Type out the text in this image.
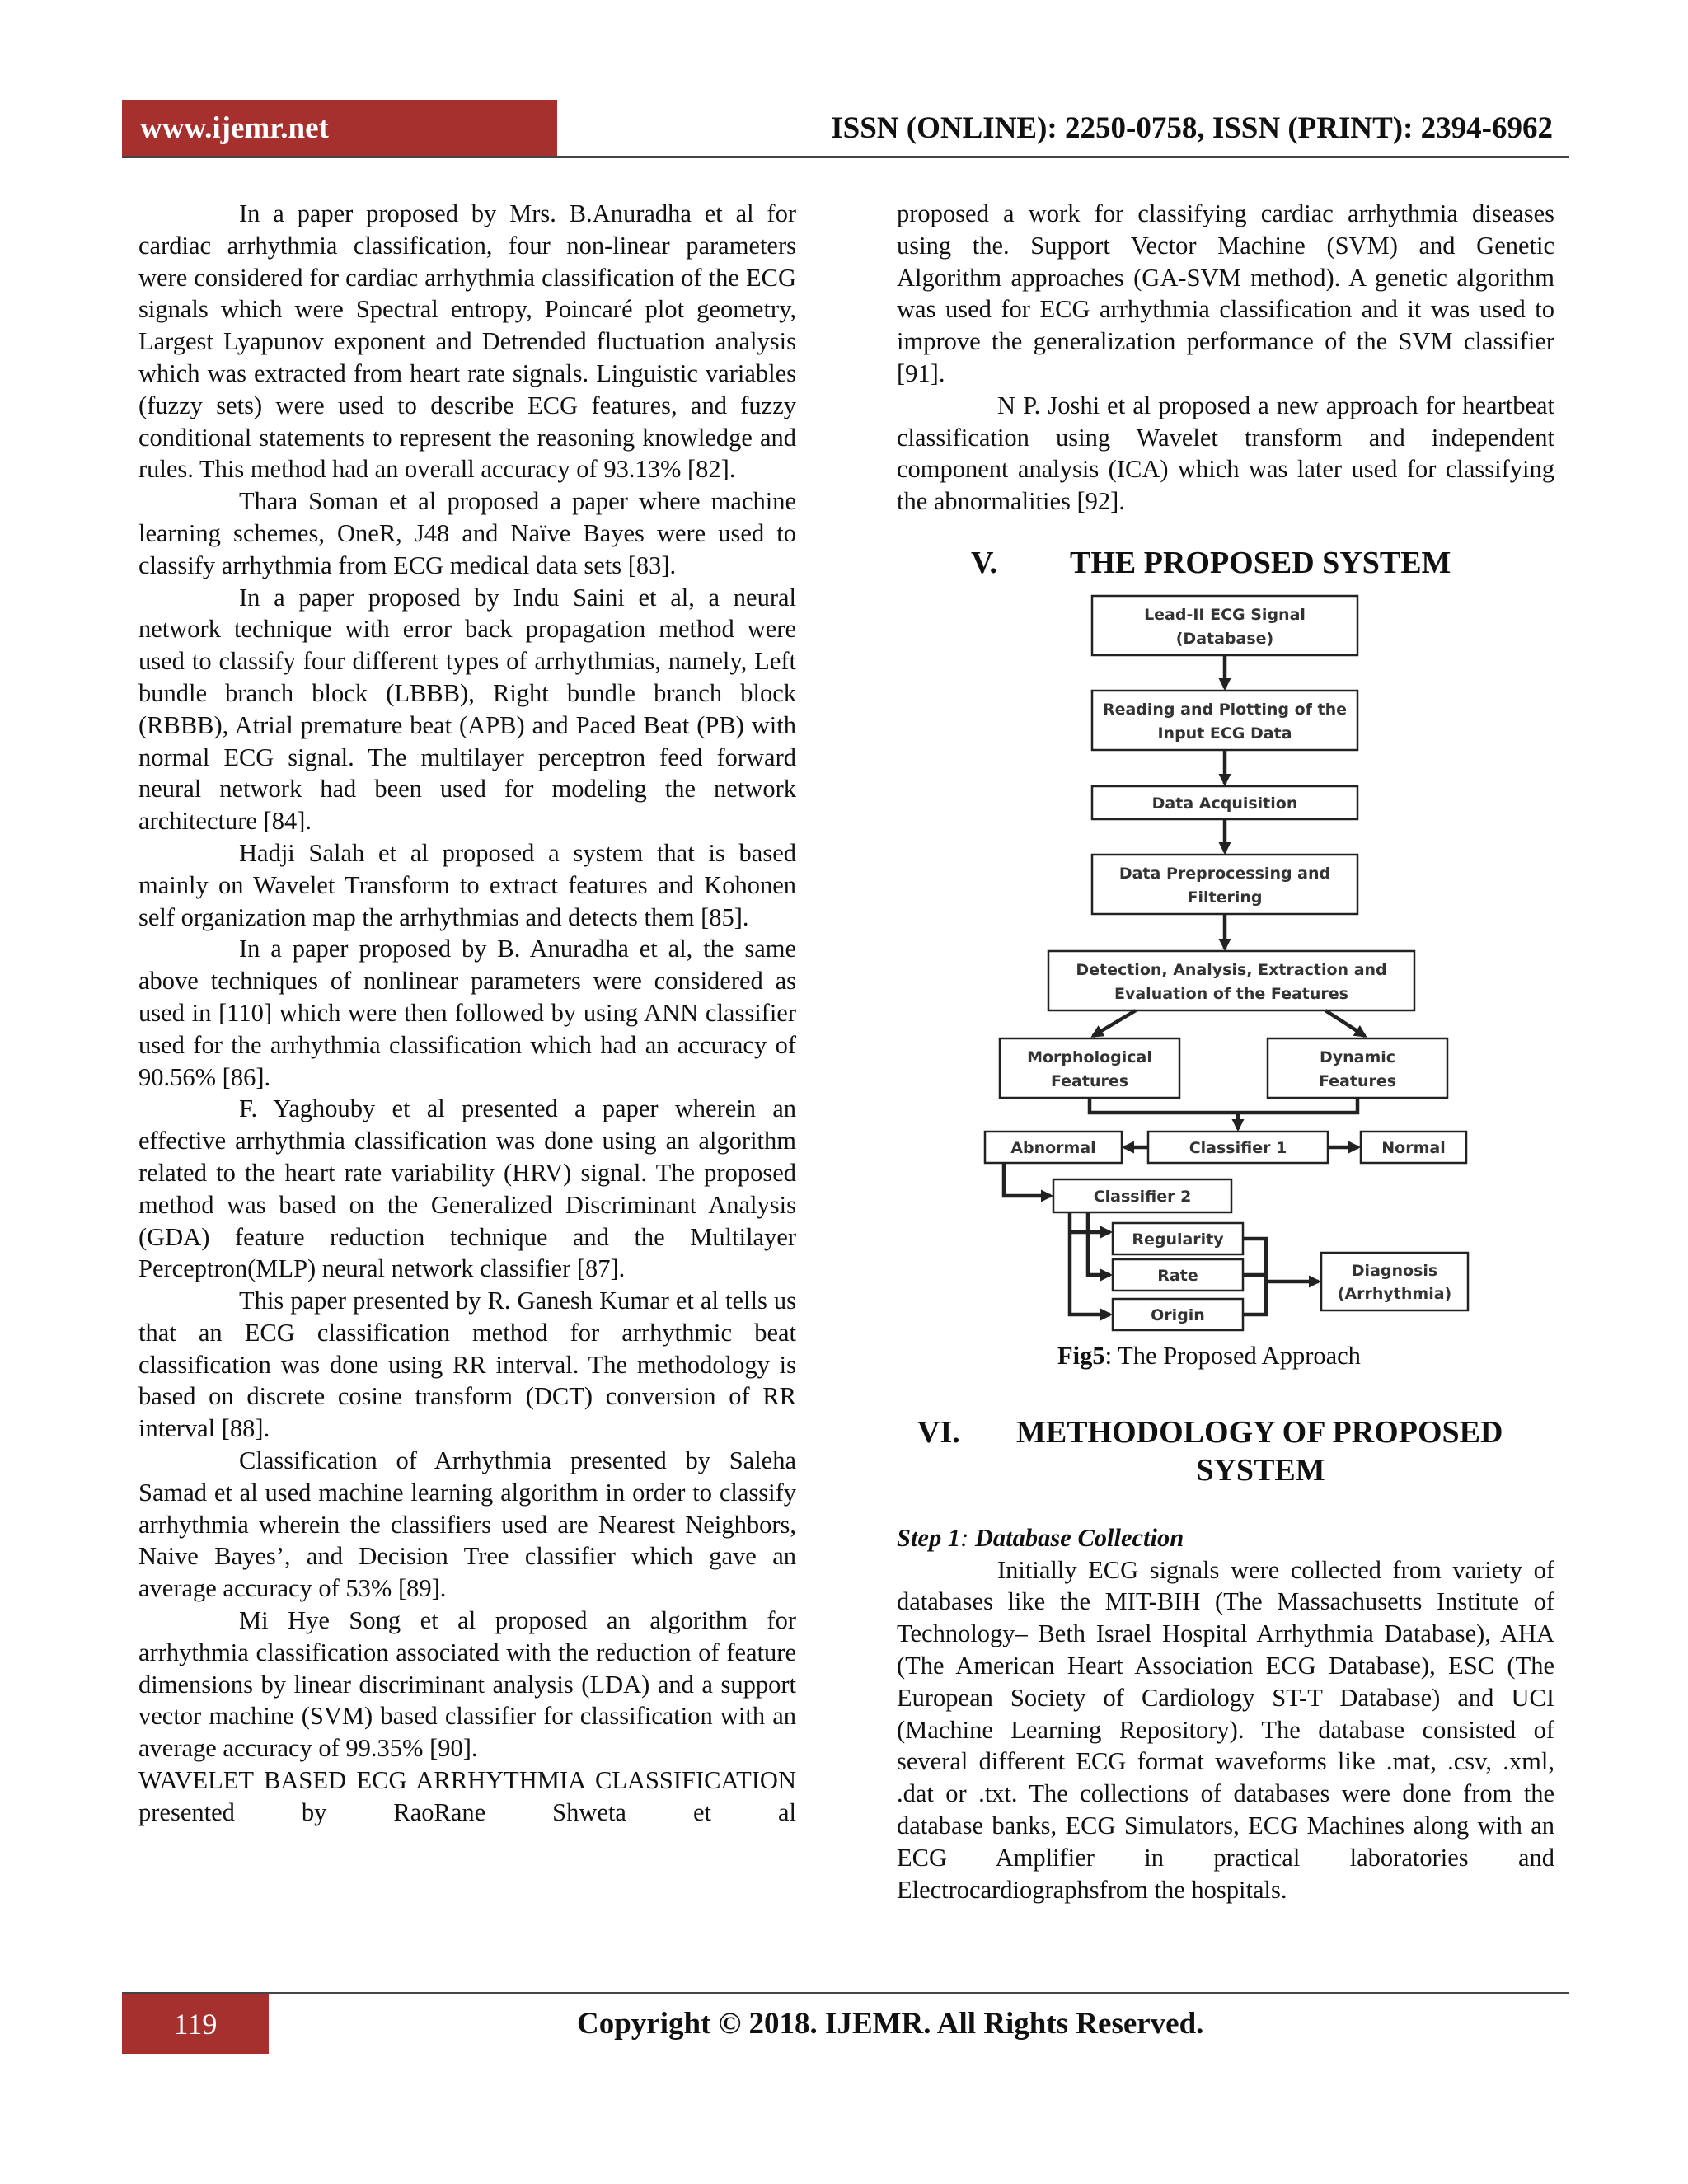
www.ijemr.net	ISSN (ONLINE): 2250-0758, ISSN (PRINT): 2394-6962

In a paper proposed by Mrs. B.Anuradha et al for cardiac arrhythmia classification, four non-linear parameters were considered for cardiac arrhythmia classification of the ECG signals which were Spectral entropy, Poincaré plot geometry, Largest Lyapunov exponent and Detrended fluctuation analysis which was extracted from heart rate signals. Linguistic variables (fuzzy sets) were used to describe ECG features, and fuzzy conditional statements to represent the reasoning knowledge and rules. This method had an overall accuracy of 93.13% [82].

Thara Soman et al proposed a paper where machine learning schemes, OneR, J48 and Naïve Bayes were used to classify arrhythmia from ECG medical data sets [83].

In a paper proposed by Indu Saini et al, a neural network technique with error back propagation method were used to classify four different types of arrhythmias, namely, Left bundle branch block (LBBB), Right bundle branch block (RBBB), Atrial premature beat (APB) and Paced Beat (PB) with normal ECG signal. The multilayer perceptron feed forward neural network had been used for modeling the network architecture [84].

Hadji Salah et al proposed a system that is based mainly on Wavelet Transform to extract features and Kohonen self organization map the arrhythmias and detects them [85].

In a paper proposed by B. Anuradha et al, the same above techniques of nonlinear parameters were considered as used in [110] which were then followed by using ANN classifier used for the arrhythmia classification which had an accuracy of 90.56% [86].

F. Yaghouby et al presented a paper wherein an effective arrhythmia classification was done using an algorithm related to the heart rate variability (HRV) signal. The proposed method was based on the Generalized Discriminant Analysis (GDA) feature reduction technique and the Multilayer Perceptron(MLP) neural network classifier [87].

This paper presented by R. Ganesh Kumar et al tells us that an ECG classification method for arrhythmic beat classification was done using RR interval. The methodology is based on discrete cosine transform (DCT) conversion of RR interval [88].

Classification of Arrhythmia presented by Saleha Samad et al used machine learning algorithm in order to classify arrhythmia wherein the classifiers used are Nearest Neighbors, Naive Bayes’, and Decision Tree classifier which gave an average accuracy of 53% [89].

Mi Hye Song et al proposed an algorithm for arrhythmia classification associated with the reduction of feature dimensions by linear discriminant analysis (LDA) and a support vector machine (SVM) based classifier for classification with an average accuracy of 99.35% [90].

WAVELET BASED ECG ARRHYTHMIA CLASSIFICATION presented by RaoRane Shweta et al

proposed a work for classifying cardiac arrhythmia diseases using the. Support Vector Machine (SVM) and Genetic Algorithm approaches (GA-SVM method). A genetic algorithm was used for ECG arrhythmia classification and it was used to improve the generalization performance of the SVM classifier [91].

N P. Joshi et al proposed a new approach for heartbeat classification using Wavelet transform and independent component analysis (ICA) which was later used for classifying the abnormalities [92].

V. THE PROPOSED SYSTEM
Lead-II ECG Signal
(Database)
Reading and Plotting of the
Input ECG Data
Data Acquisition
Data Preprocessing and
Filtering
Detection, Analysis, Extraction and
Evaluation of the Features
Morphological
Features
Dynamic
Features
Abnormal	Classifier 1	Normal
Classifier 2
Regularity
Rate
Origin
Diagnosis
(Arrhythmia)
Fig5: The Proposed Approach
VI. METHODOLOGY OF PROPOSED
SYSTEM
Step 1: Database Collection

Initially ECG signals were collected from variety of databases like the MIT-BIH (The Massachusetts Institute of Technology– Beth Israel Hospital Arrhythmia Database), AHA (The American Heart Association ECG Database), ESC (The European Society of Cardiology ST-T Database) and UCI (Machine Learning Repository). The database consisted of several different ECG format waveforms like .mat, .csv, .xml, .dat or .txt. The collections of databases were done from the database banks, ECG Simulators, ECG Machines along with an ECG Amplifier in practical laboratories and Electrocardiographsfrom the hospitals.

119	Copyright © 2018. IJEMR. All Rights Reserved.
